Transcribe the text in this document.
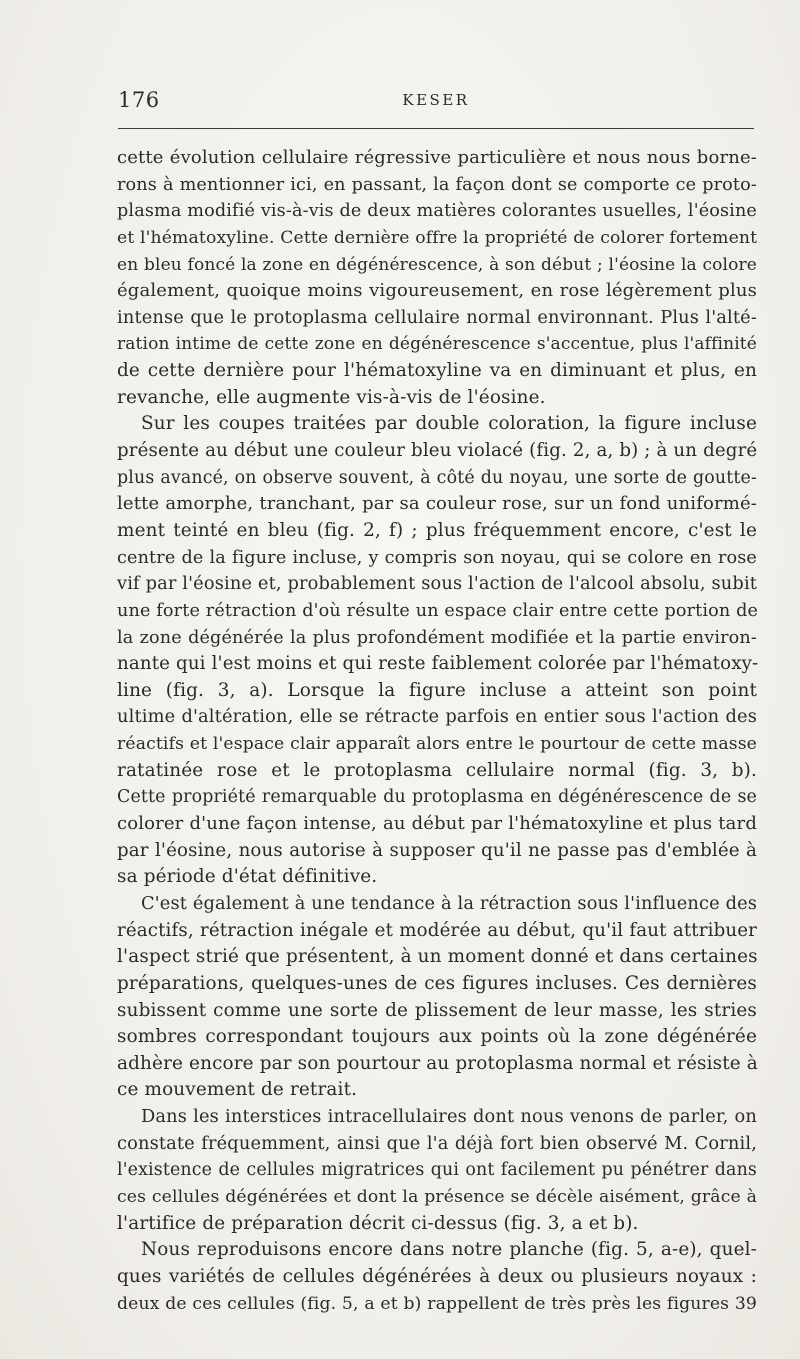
176	KESER
cette évolution cellulaire régressive particulière et nous nous borne-
rons à mentionner ici, en passant, la façon dont se comporte ce proto-
plasma modifié vis-à-vis de deux matières colorantes usuelles, l'éosine
et l'hématoxyline. Cette dernière offre la propriété de colorer fortement
en bleu foncé la zone en dégénérescence, à son début ; l'éosine la colore
également, quoique moins vigoureusement, en rose légèrement plus
intense que le protoplasma cellulaire normal environnant. Plus l'alté-
ration intime de cette zone en dégénérescence s'accentue, plus l'affinité
de cette dernière pour l'hématoxyline va en diminuant et plus, en
revanche, elle augmente vis-à-vis de l'éosine.
Sur les coupes traitées par double coloration, la figure incluse
présente au début une couleur bleu violacé (fig. 2, a, b) ; à un degré
plus avancé, on observe souvent, à côté du noyau, une sorte de goutte-
lette amorphe, tranchant, par sa couleur rose, sur un fond uniformé-
ment teinté en bleu (fig. 2, f) ; plus fréquemment encore, c'est le
centre de la figure incluse, y compris son noyau, qui se colore en rose
vif par l'éosine et, probablement sous l'action de l'alcool absolu, subit
une forte rétraction d'où résulte un espace clair entre cette portion de
la zone dégénérée la plus profondément modifiée et la partie environ-
nante qui l'est moins et qui reste faiblement colorée par l'hématoxy-
line (fig. 3, a). Lorsque la figure incluse a atteint son point
ultime d'altération, elle se rétracte parfois en entier sous l'action des
réactifs et l'espace clair apparaît alors entre le pourtour de cette masse
ratatinée rose et le protoplasma cellulaire normal (fig. 3, b).
Cette propriété remarquable du protoplasma en dégénérescence de se
colorer d'une façon intense, au début par l'hématoxyline et plus tard
par l'éosine, nous autorise à supposer qu'il ne passe pas d'emblée à
sa période d'état définitive.
C'est également à une tendance à la rétraction sous l'influence des
réactifs, rétraction inégale et modérée au début, qu'il faut attribuer
l'aspect strié que présentent, à un moment donné et dans certaines
préparations, quelques-unes de ces figures incluses. Ces dernières
subissent comme une sorte de plissement de leur masse, les stries
sombres correspondant toujours aux points où la zone dégénérée
adhère encore par son pourtour au protoplasma normal et résiste à
ce mouvement de retrait.
Dans les interstices intracellulaires dont nous venons de parler, on
constate fréquemment, ainsi que l'a déjà fort bien observé M. Cornil,
l'existence de cellules migratrices qui ont facilement pu pénétrer dans
ces cellules dégénérées et dont la présence se décèle aisément, grâce à
l'artifice de préparation décrit ci-dessus (fig. 3, a et b).
Nous reproduisons encore dans notre planche (fig. 5, a-e), quel-
ques variétés de cellules dégénérées à deux ou plusieurs noyaux :
deux de ces cellules (fig. 5, a et b) rappellent de très près les figures 39
